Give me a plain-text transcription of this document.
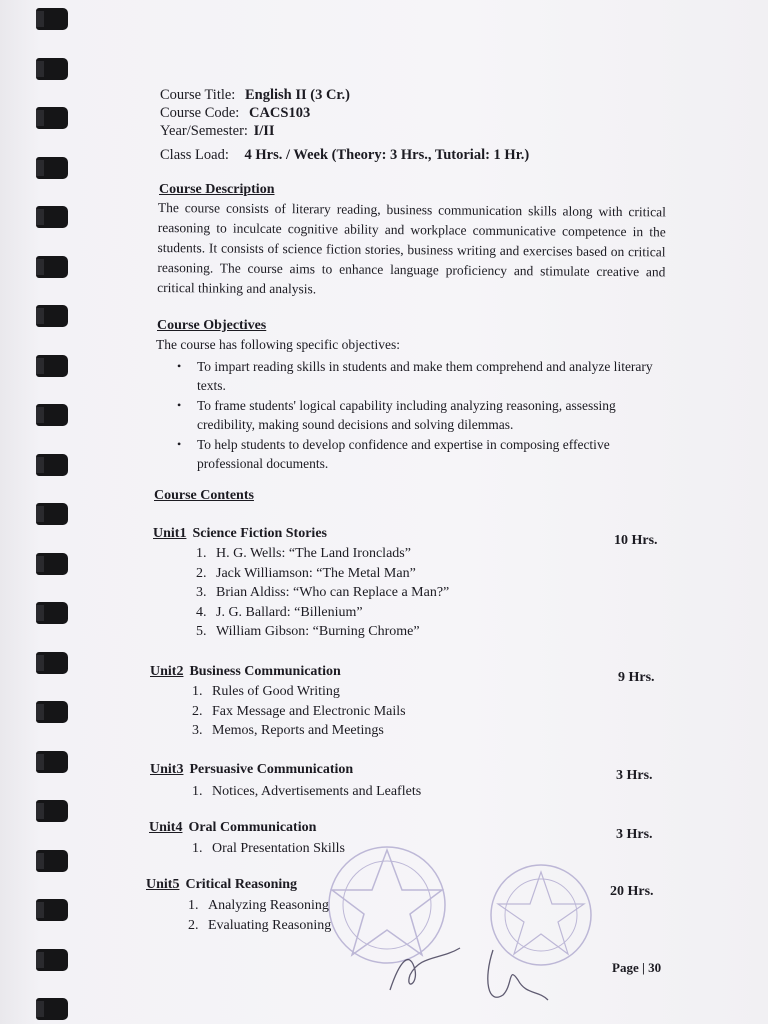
Course Title: English II (3 Cr.)
Course Code: CACS103
Year/Semester: I/II
Class Load: 4 Hrs. / Week (Theory: 3 Hrs., Tutorial: 1 Hr.)
Course Description
The course consists of literary reading, business communication skills along with critical reasoning to inculcate cognitive ability and workplace communicative competence in the students. It consists of science fiction stories, business writing and exercises based on critical reasoning. The course aims to enhance language proficiency and stimulate creative and critical thinking and analysis.
Course Objectives
The course has following specific objectives:
• To impart reading skills in students and make them comprehend and analyze literary texts.
• To frame students' logical capability including analyzing reasoning, assessing credibility, making sound decisions and solving dilemmas.
• To help students to develop confidence and expertise in composing effective professional documents.
Course Contents
Unit1 Science Fiction Stories	10 Hrs.
1. H. G. Wells: “The Land Ironclads”
2. Jack Williamson: “The Metal Man”
3. Brian Aldiss: “Who can Replace a Man?”
4. J. G. Ballard: “Billenium”
5. William Gibson: “Burning Chrome”
Unit2 Business Communication	9 Hrs.
1. Rules of Good Writing
2. Fax Message and Electronic Mails
3. Memos, Reports and Meetings
Unit3 Persuasive Communication	3 Hrs.
1. Notices, Advertisements and Leaflets
Unit4 Oral Communication	3 Hrs.
1. Oral Presentation Skills
Unit5 Critical Reasoning	20 Hrs.
1. Analyzing Reasoning
2. Evaluating Reasoning
Page | 30
